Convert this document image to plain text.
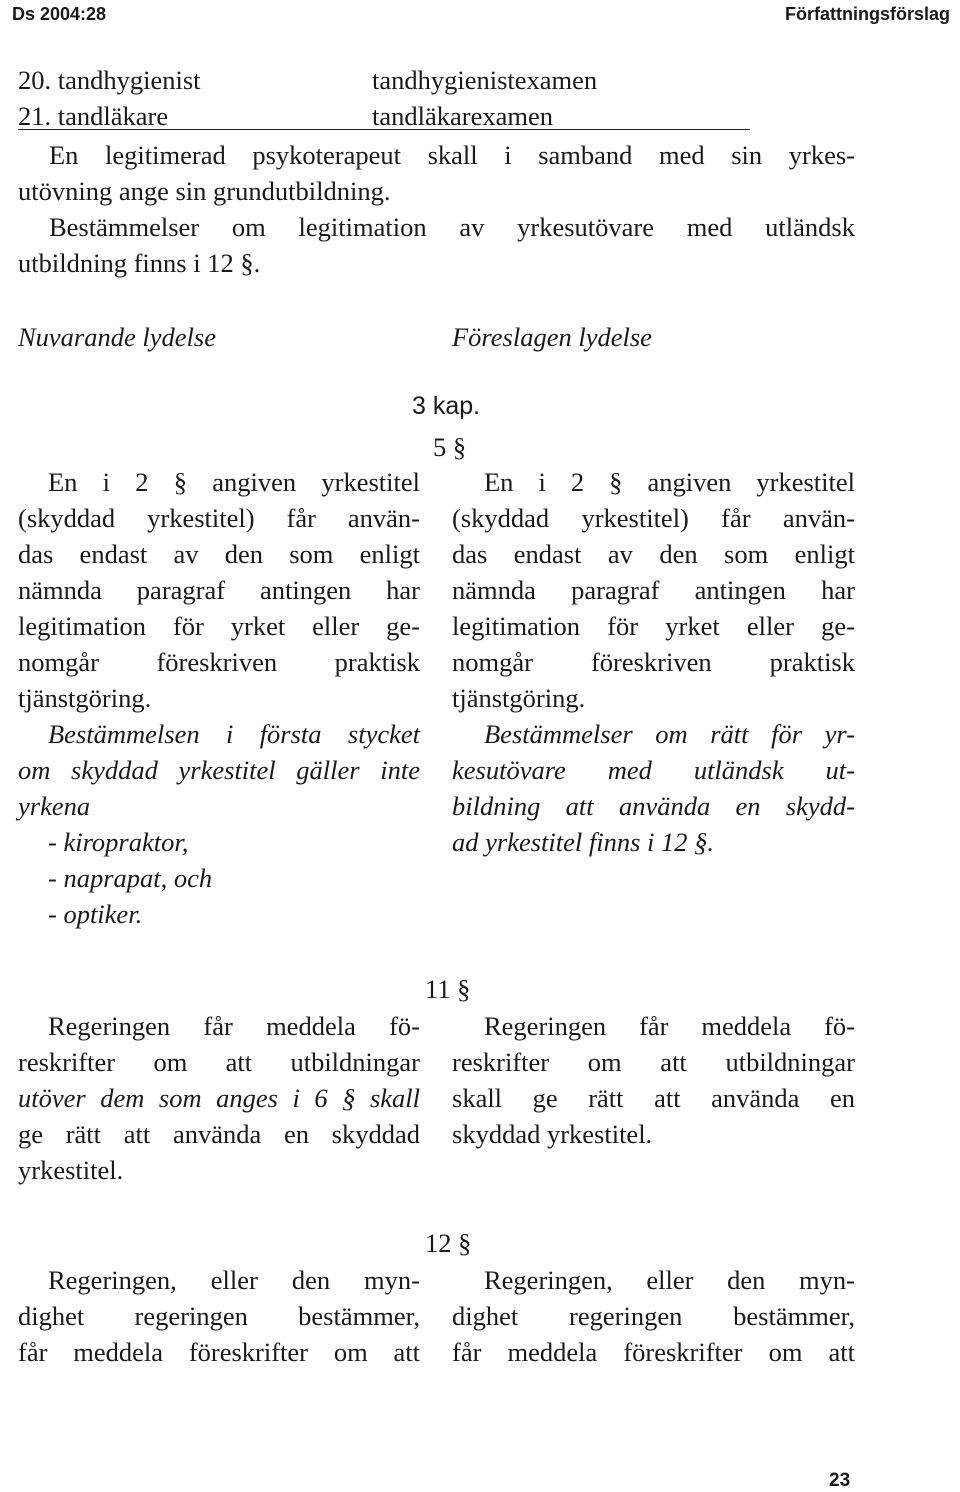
Ds 2004:28	Författningsförslag
20. tandhygienist	tandhygienistexamen
21. tandläkare	tandläkarexamen
En legitimerad psykoterapeut skall i samband med sin yrkes-
utövning ange sin grundutbildning.
Bestämmelser om legitimation av yrkesutövare med utländsk
utbildning finns i 12 §.
Nuvarande lydelse	Föreslagen lydelse
3 kap.
5 §
En i 2 § angiven yrkestitel
(skyddad yrkestitel) får använ-
das endast av den som enligt
nämnda paragraf antingen har
legitimation för yrket eller ge-
nomgår föreskriven praktisk
tjänstgöring.
Bestämmelsen i första stycket
om skyddad yrkestitel gäller inte
yrkena
- kiropraktor,
- naprapat, och
- optiker.
En i 2 § angiven yrkestitel
(skyddad yrkestitel) får använ-
das endast av den som enligt
nämnda paragraf antingen har
legitimation för yrket eller ge-
nomgår föreskriven praktisk
tjänstgöring.
Bestämmelser om rätt för yr-
kesutövare med utländsk ut-
bildning att använda en skydd-
ad yrkestitel finns i 12 §.
11 §
Regeringen får meddela fö-
reskrifter om att utbildningar
utöver dem som anges i 6 § skall
ge rätt att använda en skyddad
yrkestitel.
Regeringen får meddela fö-
reskrifter om att utbildningar
skall ge rätt att använda en
skyddad yrkestitel.
12 §
Regeringen, eller den myn-
dighet regeringen bestämmer,
får meddela föreskrifter om att
Regeringen, eller den myn-
dighet regeringen bestämmer,
får meddela föreskrifter om att
23
